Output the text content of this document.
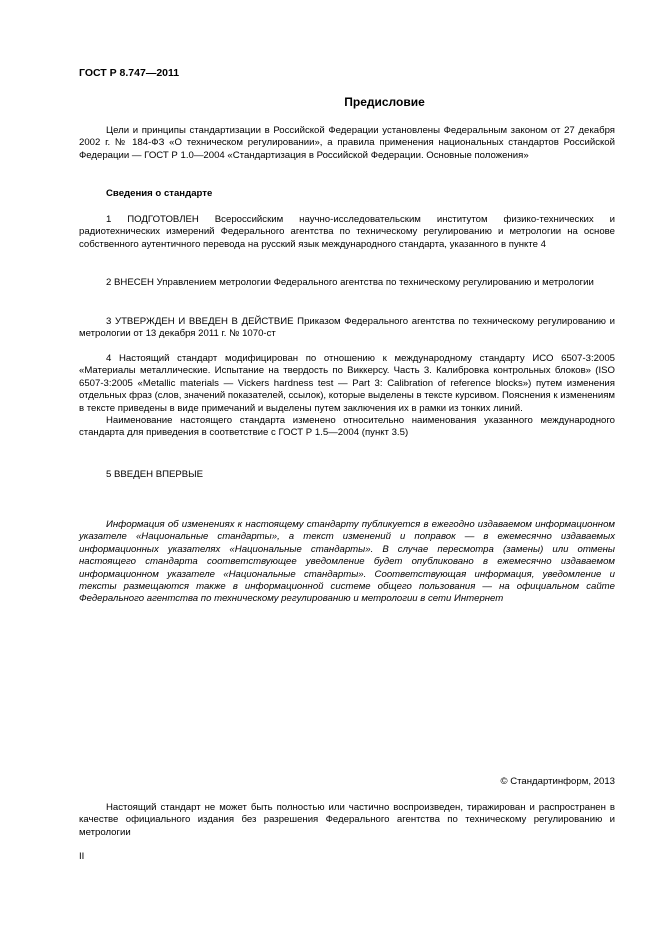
ГОСТ Р 8.747—2011
Предисловие

Цели и принципы стандартизации в Российской Федерации установлены Федеральным законом от 27 декабря 2002 г. № 184-ФЗ «О техническом регулировании», а правила применения национальных стандартов Российской Федерации — ГОСТ Р 1.0—2004 «Стандартизация в Российской Федерации. Основные положения»

Сведения о стандарте

1 ПОДГОТОВЛЕН Всероссийским научно-исследовательским институтом физико-технических и радиотехнических измерений Федерального агентства по техническому регулированию и метрологии на основе собственного аутентичного перевода на русский язык международного стандарта, указанного в пункте 4

2 ВНЕСЕН Управлением метрологии Федерального агентства по техническому регулированию и метрологии

3 УТВЕРЖДЕН И ВВЕДЕН В ДЕЙСТВИЕ Приказом Федерального агентства по техническому регулированию и метрологии от 13 декабря 2011 г. № 1070-ст

4 Настоящий стандарт модифицирован по отношению к международному стандарту ИСО 6507-3:2005 «Материалы металлические. Испытание на твердость по Виккерсу. Часть 3. Калибровка контрольных блоков» (ISO 6507-3:2005 «Metallic materials — Vickers hardness test — Part 3: Calibration of reference blocks») путем изменения отдельных фраз (слов, значений показателей, ссылок), которые выделены в тексте курсивом. Пояснения к изменениям в тексте приведены в виде примечаний и выделены путем заключения их в рамки из тонких линий.

Наименование настоящего стандарта изменено относительно наименования указанного международного стандарта для приведения в соответствие с ГОСТ Р 1.5—2004 (пункт 3.5)

5 ВВЕДЕН ВПЕРВЫЕ

Информация об изменениях к настоящему стандарту публикуется в ежегодно издаваемом информационном указателе «Национальные стандарты», а текст изменений и поправок — в ежемесячно издаваемых информационных указателях «Национальные стандарты». В случае пересмотра (замены) или отмены настоящего стандарта соответствующее уведомление будет опубликовано в ежемесячно издаваемом информационном указателе «Национальные стандарты». Соответствующая информация, уведомление и тексты размещаются также в информационной системе общего пользования — на официальном сайте Федерального агентства по техническому регулированию и метрологии в сети Интернет

© Стандартинформ, 2013

Настоящий стандарт не может быть полностью или частично воспроизведен, тиражирован и распространен в качестве официального издания без разрешения Федерального агентства по техническому регулированию и метрологии

II
